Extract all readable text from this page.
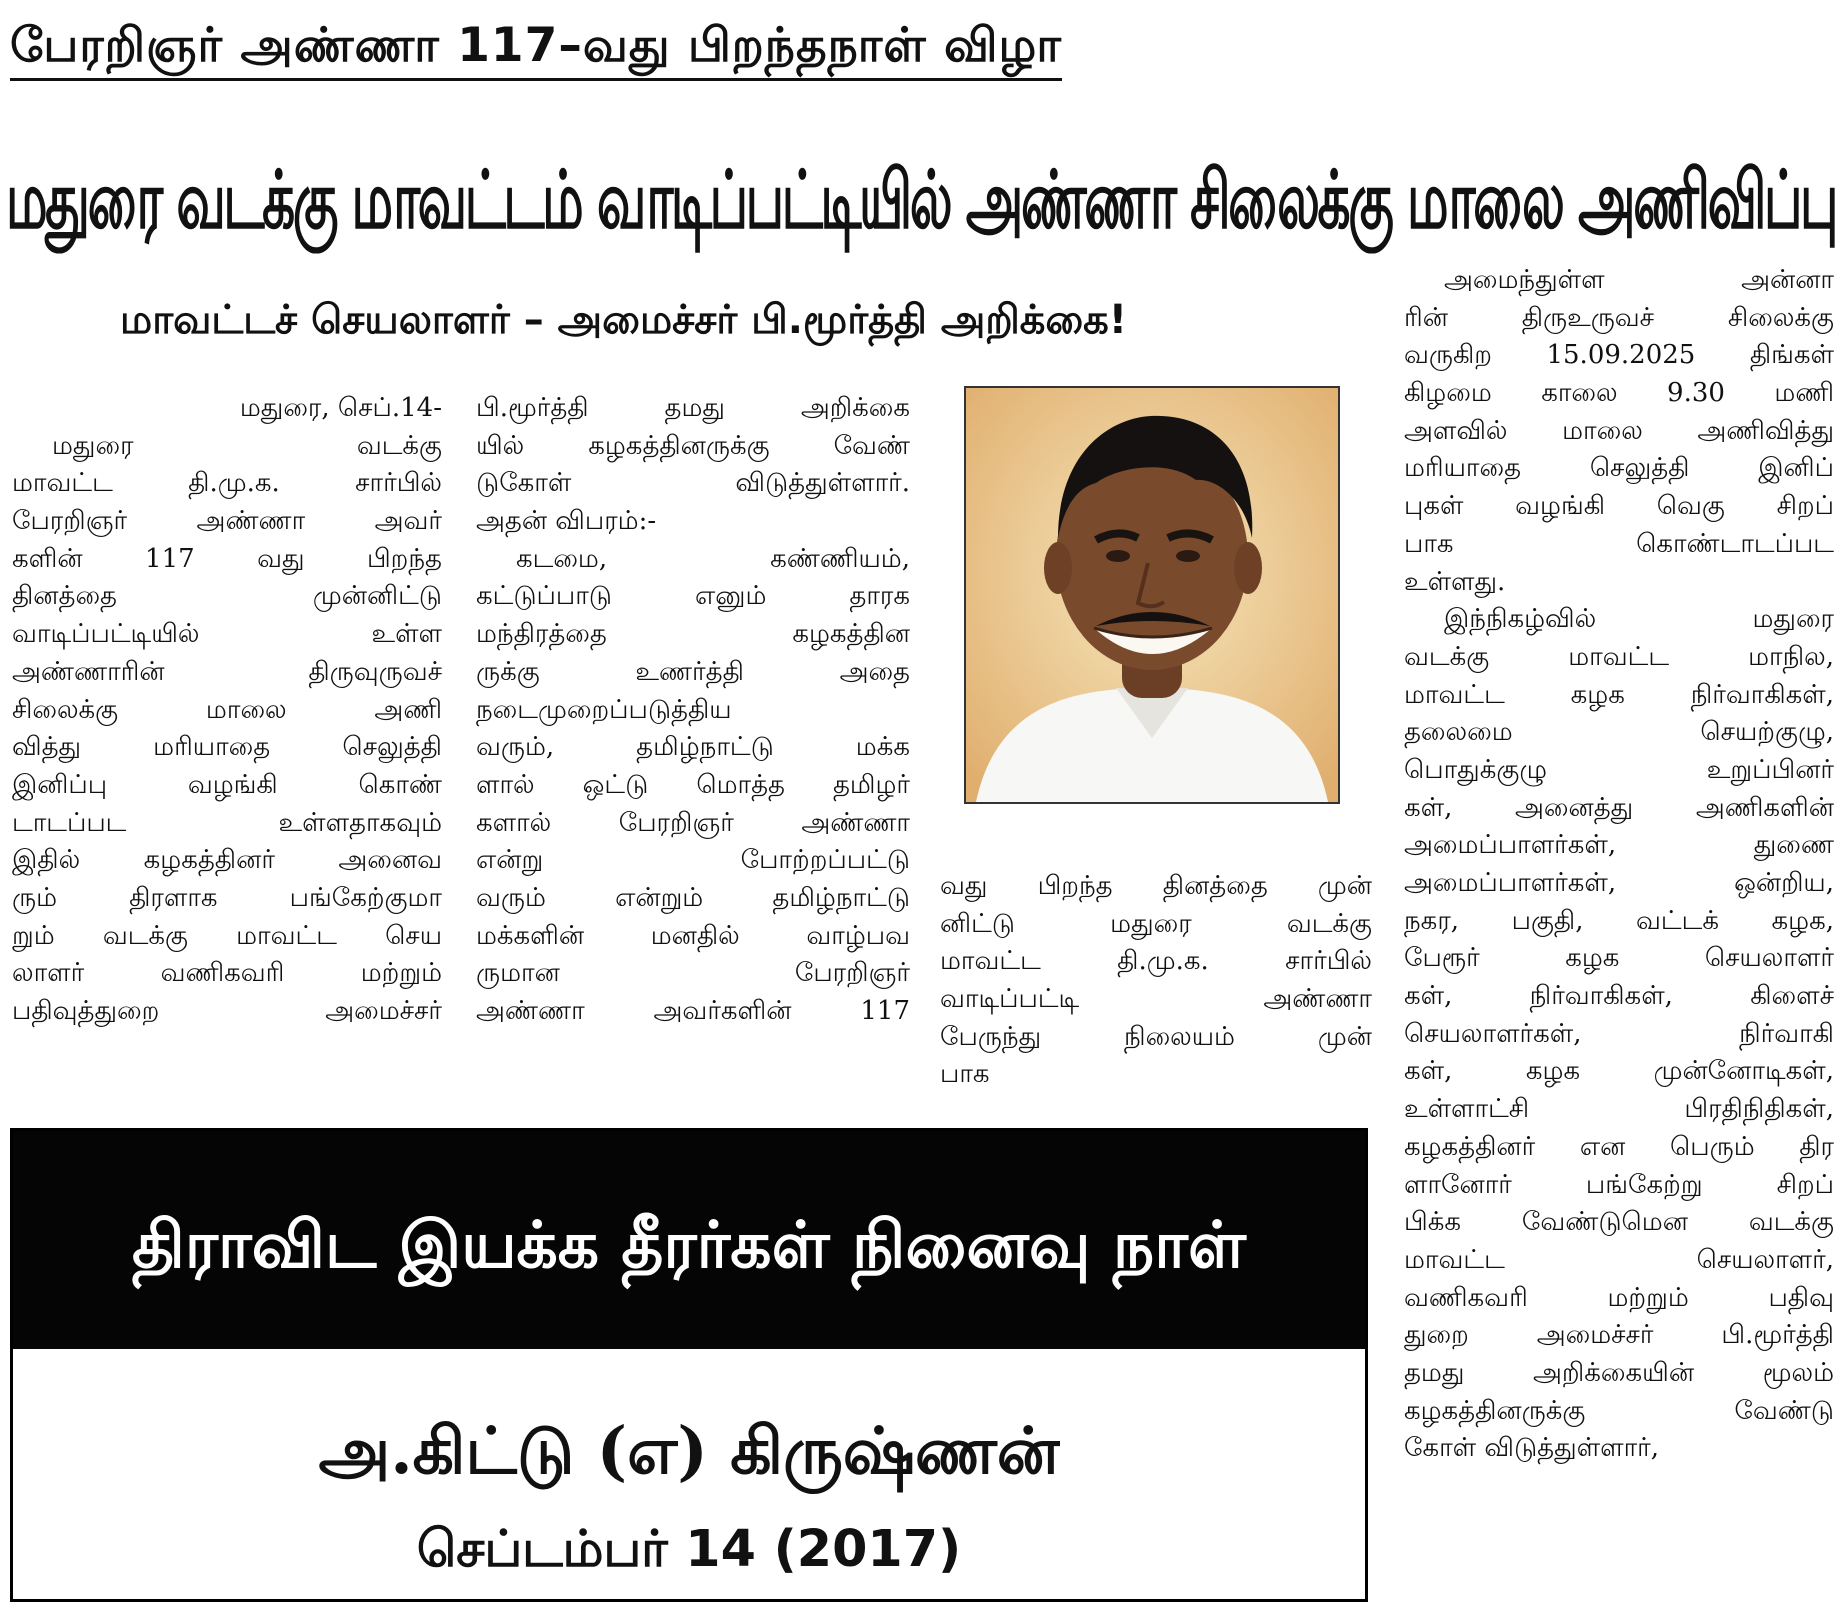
பேரறிஞர் அண்ணா 117–வது பிறந்தநாள் விழா
மதுரை வடக்கு மாவட்டம் வாடிப்பட்டியில் அண்ணா சிலைக்கு மாலை அணிவிப்பு
மாவட்டச் செயலாளர் – அமைச்சர் பி.மூர்த்தி அறிக்கை!
மதுரை, செப்.14-
மதுரை வடக்கு
மாவட்ட தி.மு.க. சார்பில்
பேரறிஞர் அண்ணா அவர்
களின் 117 வது பிறந்த
தினத்தை முன்னிட்டு
வாடிப்பட்டியில் உள்ள
அண்ணாரின் திருவுருவச்
சிலைக்கு மாலை அணி
வித்து மரியாதை செலுத்தி
இனிப்பு வழங்கி கொண்
டாடப்பட உள்ளதாகவும்
இதில் கழகத்தினர் அனைவ
ரும் திரளாக பங்கேற்குமா
றும் வடக்கு மாவட்ட செய
லாளர் வணிகவரி மற்றும்
பதிவுத்துறை அமைச்சர்
பி.மூர்த்தி தமது அறிக்கை
யில் கழகத்தினருக்கு வேண்
டுகோள் விடுத்துள்ளார்.
அதன் விபரம்:-
கடமை, கண்ணியம்,
கட்டுப்பாடு எனும் தாரக
மந்திரத்தை கழகத்தின
ருக்கு உணர்த்தி அதை
நடைமுறைப்படுத்திய
வரும், தமிழ்நாட்டு மக்க
ளால் ஒட்டு மொத்த தமிழர்
களால் பேரறிஞர் அண்ணா
என்று போற்றப்பட்டு
வரும் என்றும் தமிழ்நாட்டு
மக்களின் மனதில் வாழ்பவ
ருமான பேரறிஞர்
அண்ணா அவர்களின் 117
வது பிறந்த தினத்தை முன்
னிட்டு மதுரை வடக்கு
மாவட்ட தி.மு.க. சார்பில்
வாடிப்பட்டி அண்ணா
பேருந்து நிலையம் முன்
பாக
அமைந்துள்ள அன்னா
ரின் திருஉருவச் சிலைக்கு
வருகிற 15.09.2025 திங்கள்
கிழமை காலை 9.30 மணி
அளவில் மாலை அணிவித்து
மரியாதை செலுத்தி இனிப்
புகள் வழங்கி வெகு சிறப்
பாக கொண்டாடப்பட
உள்ளது.
இந்நிகழ்வில் மதுரை
வடக்கு மாவட்ட மாநில,
மாவட்ட கழக நிர்வாகிகள்,
தலைமை செயற்குழு,
பொதுக்குழு உறுப்பினர்
கள், அனைத்து அணிகளின்
அமைப்பாளர்கள், துணை
அமைப்பாளர்கள், ஒன்றிய,
நகர, பகுதி, வட்டக் கழக,
பேரூர் கழக செயலாளர்
கள், நிர்வாகிகள், கிளைச்
செயலாளர்கள், நிர்வாகி
கள், கழக முன்னோடிகள்,
உள்ளாட்சி பிரதிநிதிகள்,
கழகத்தினர் என பெரும் திர
ளானோர் பங்கேற்று சிறப்
பிக்க வேண்டுமென வடக்கு
மாவட்ட செயலாளர்,
வணிகவரி மற்றும் பதிவு
துறை அமைச்சர் பி.மூர்த்தி
தமது அறிக்கையின் மூலம்
கழகத்தினருக்கு வேண்டு
கோள் விடுத்துள்ளார்,
திராவிட இயக்க தீரர்கள் நினைவு நாள்
அ.கிட்டு (எ) கிருஷ்ணன்
செப்டம்பர் 14 (2017)
